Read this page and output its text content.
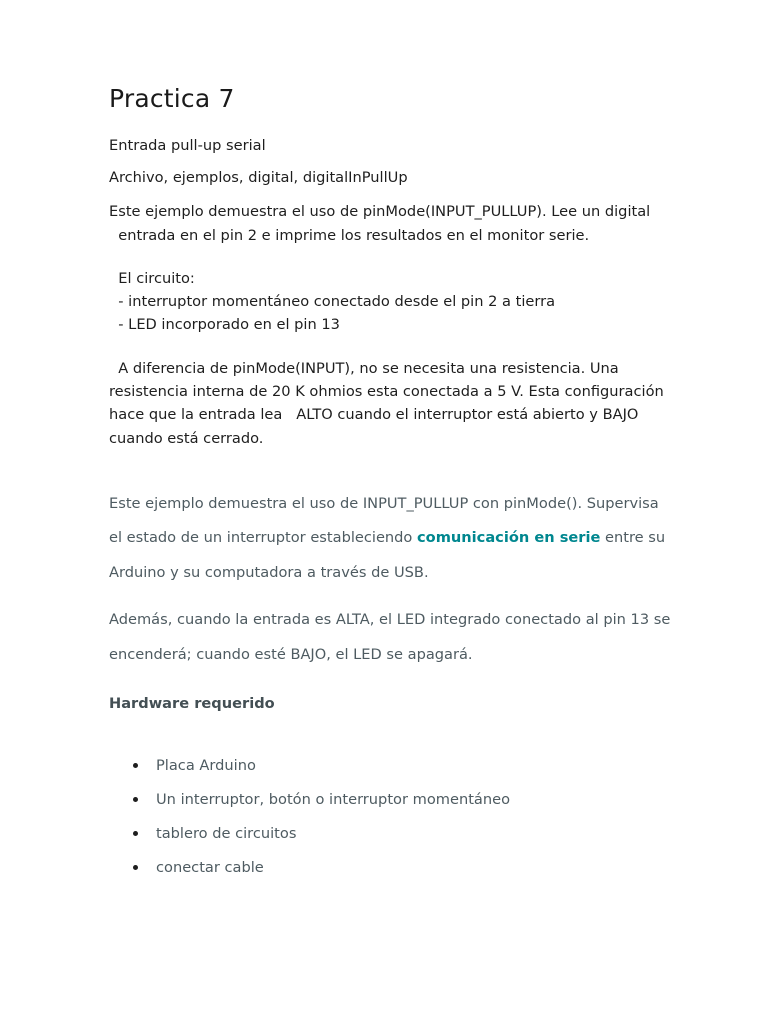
Practica 7

Entrada pull-up serial

Archivo, ejemplos, digital, digitalInPullUp

Este ejemplo demuestra el uso de pinMode(INPUT_PULLUP). Lee un digital

entrada en el pin 2 e imprime los resultados en el monitor serie.

El circuito:

- interruptor momentáneo conectado desde el pin 2 a tierra

- LED incorporado en el pin 13

A diferencia de pinMode(INPUT), no se necesita una resistencia. Una

resistencia interna de 20 K ohmios esta conectada a 5 V. Esta configuración

hace que la entrada lea   ALTO cuando el interruptor está abierto y BAJO

cuando está cerrado.

Este ejemplo demuestra el uso de INPUT_PULLUP con pinMode(). Supervisa

el estado de un interruptor estableciendo comunicación en serie entre su

Arduino y su computadora a través de USB.

Además, cuando la entrada es ALTA, el LED integrado conectado al pin 13 se

encenderá; cuando esté BAJO, el LED se apagará.

Hardware requerido
Placa Arduino
Un interruptor, botón o interruptor momentáneo
tablero de circuitos
conectar cable
